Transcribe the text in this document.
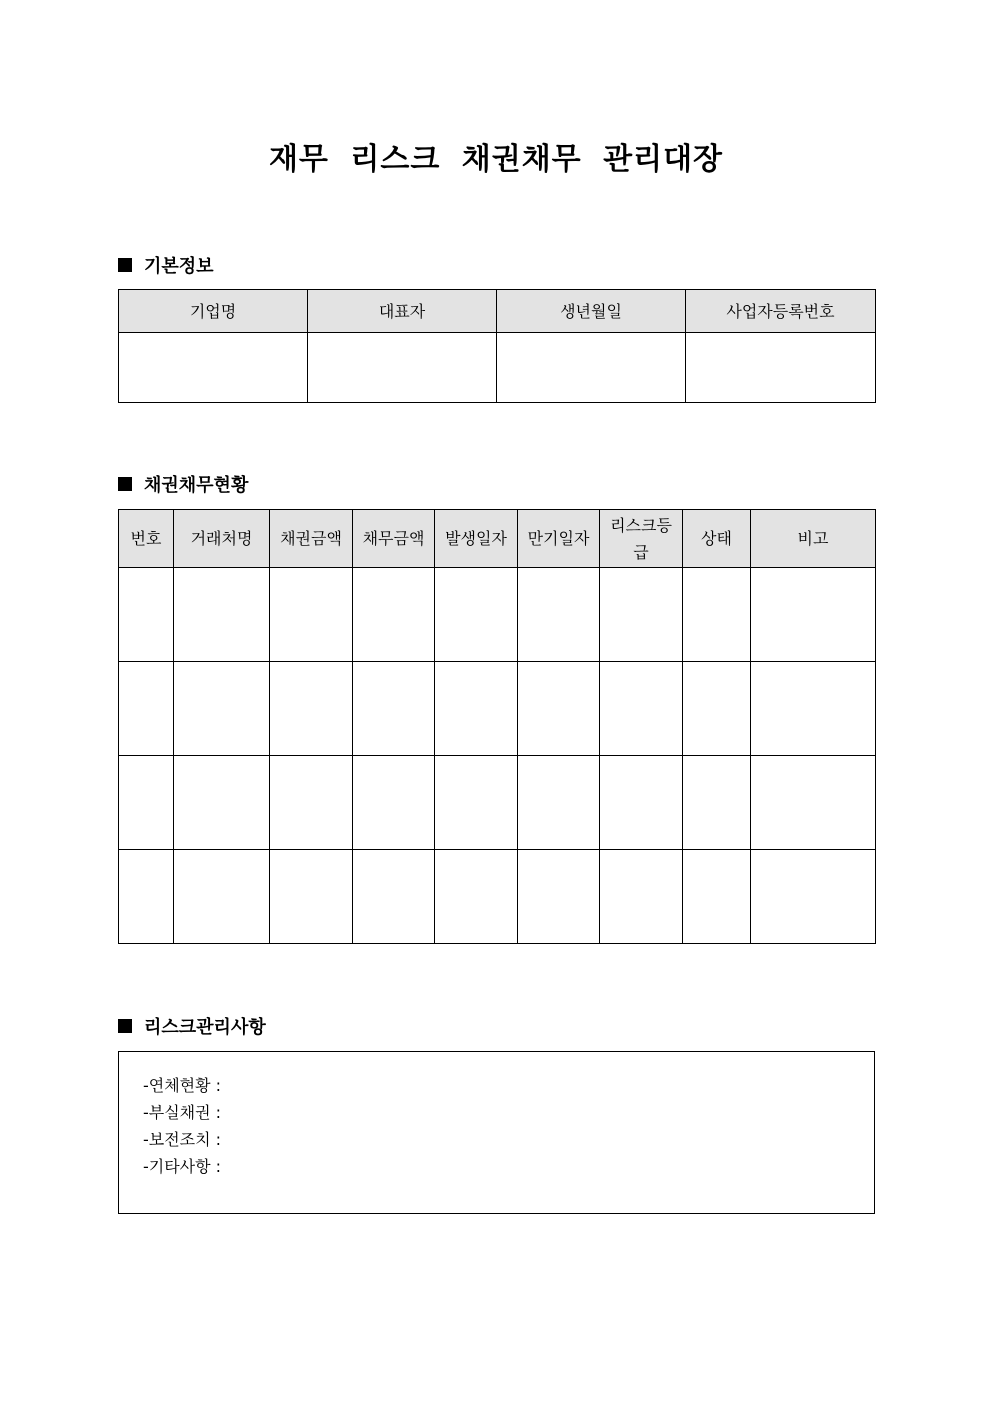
재무 리스크 채권채무 관리대장
기본정보
기업명	대표자	생년월일	사업자등록번호

채권채무현황
번호	거래처명	채권금액	채무금액	발생일자	만기일자	리스크등급	상태	비고

리스크관리사항
-연체현황 :
-부실채권 :
-보전조치 :
-기타사항 :
